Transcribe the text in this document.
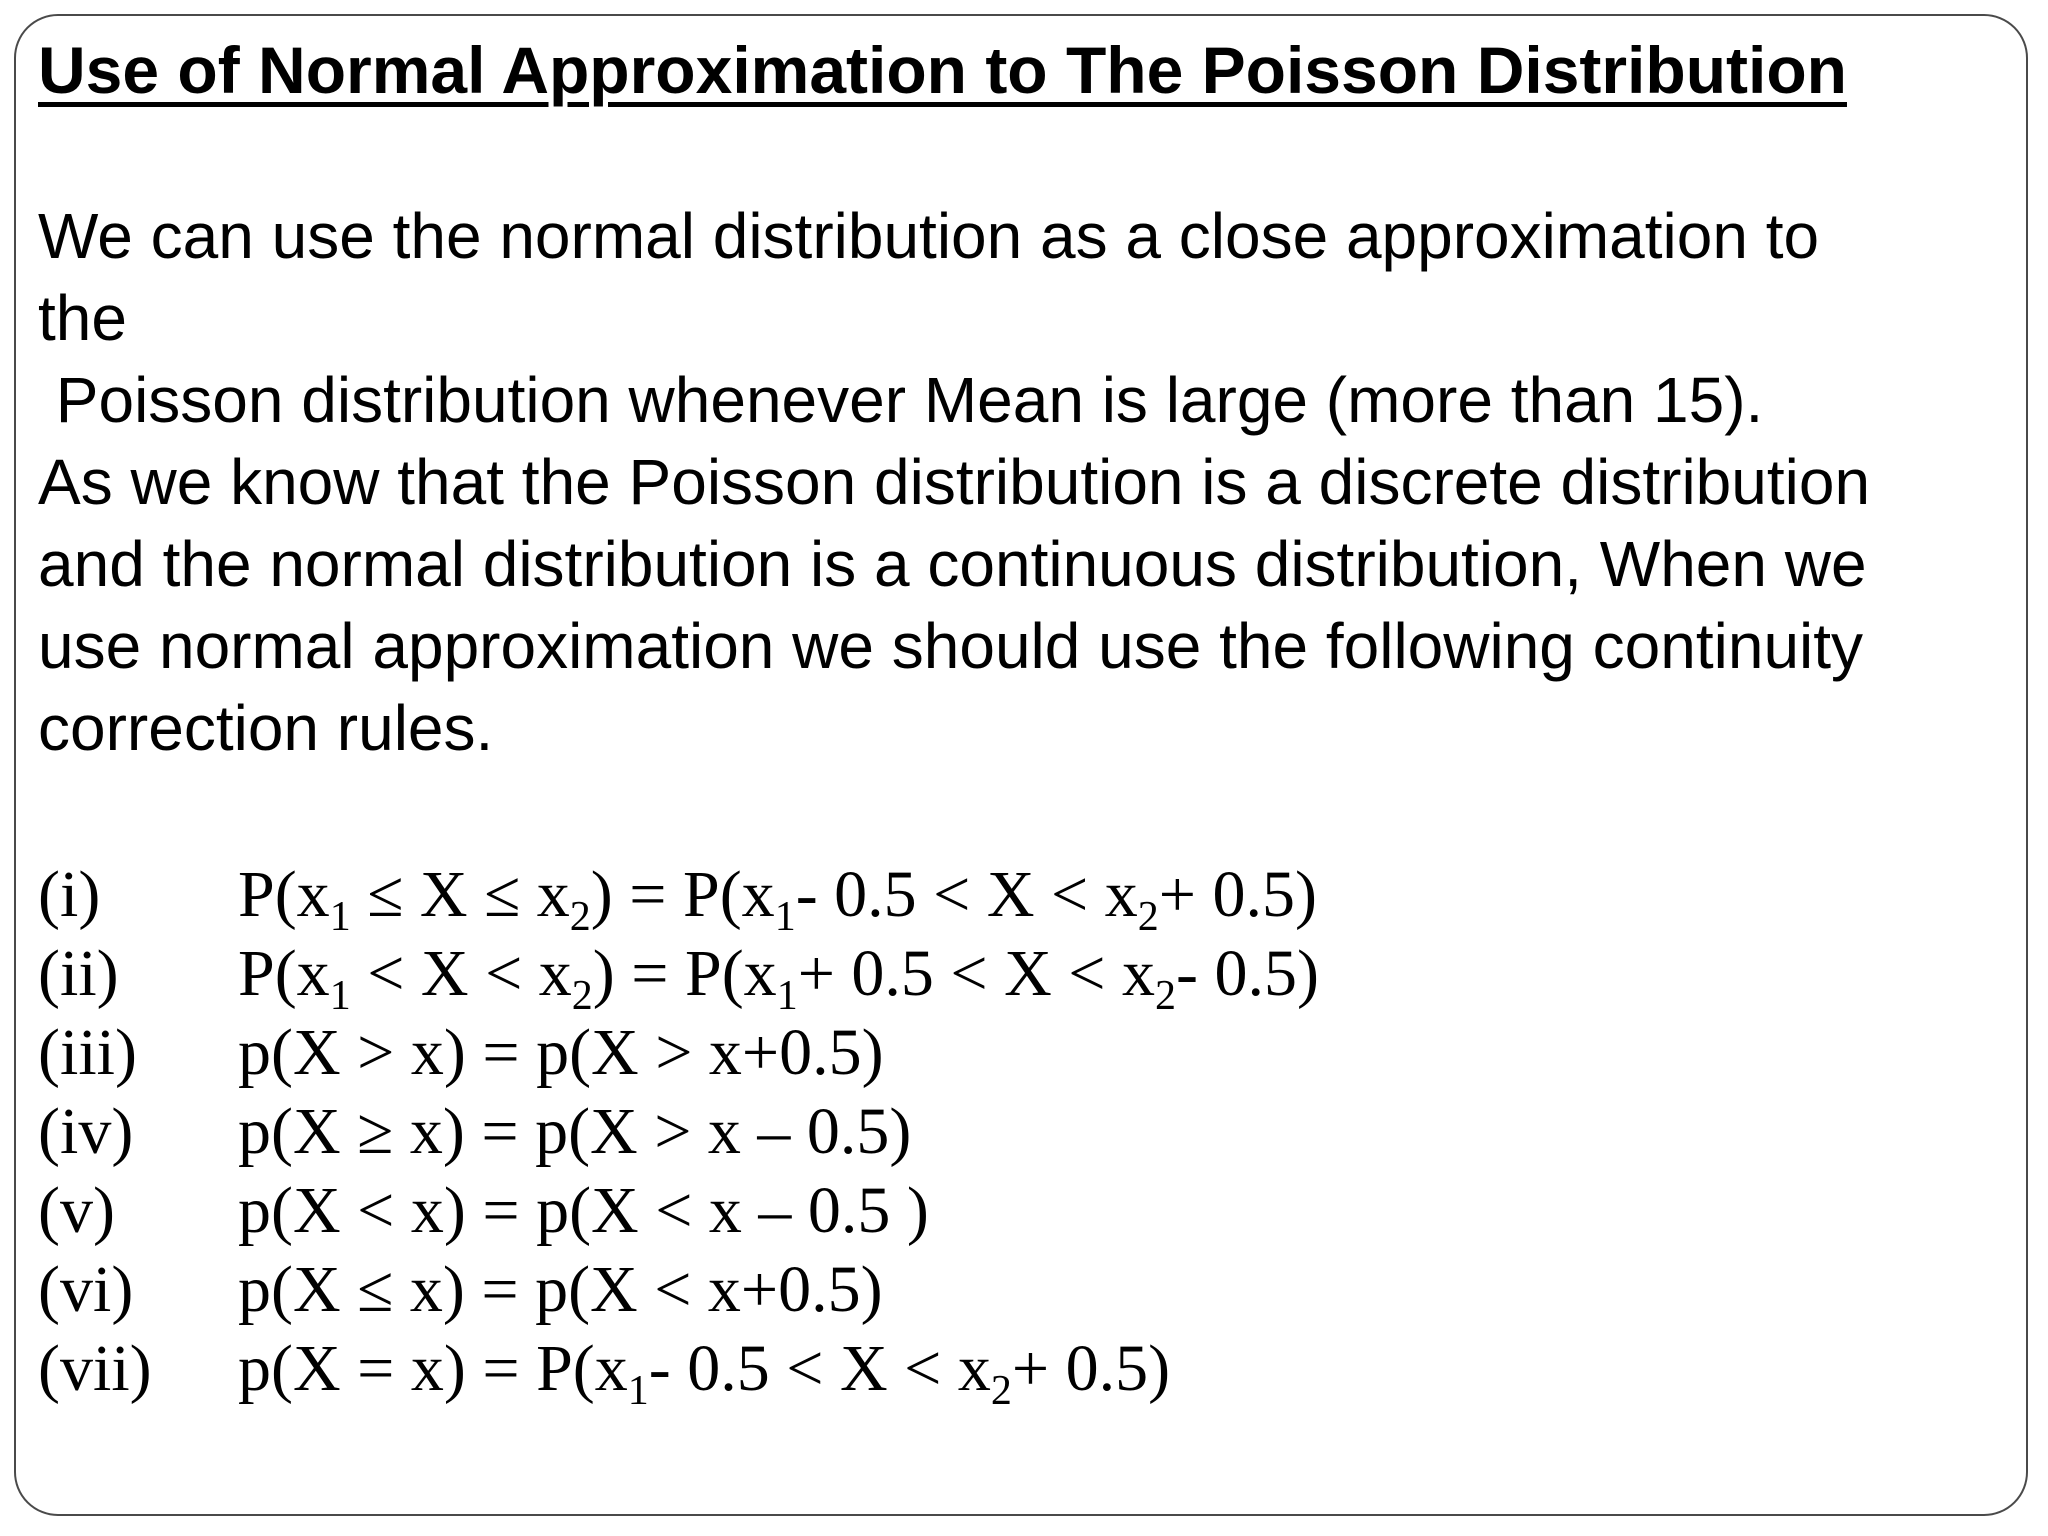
Use of Normal Approximation to The Poisson Distribution
We can use the normal distribution as a close approximation to
the
Poisson distribution whenever Mean is large (more than 15).
As we know that the Poisson distribution is a discrete distribution
and the normal distribution is a continuous distribution, When we
use normal approximation we should use the following continuity
correction rules.
(i) $P(x_1 \le X \le x_2) = P(x_1-$ $0.5 < X < x_2+ 0.5$)
(ii) $P(x_1 < X < x_2) = P(x_1+ 0.5 < X < x_2-$ 0.5)
(iii) p(X > x) = p(X > x+0.5)
(iv) p(X ≥ x) = p(X > x – 0.5)
(v) p(X < x) = p(X < x – 0.5 )
(vi) p(X ≤ x) = p(X < x+0.5)
(vii) $p(X = x) = P(x_1-$ $0.5 < X < x_2+ 0.5$)
